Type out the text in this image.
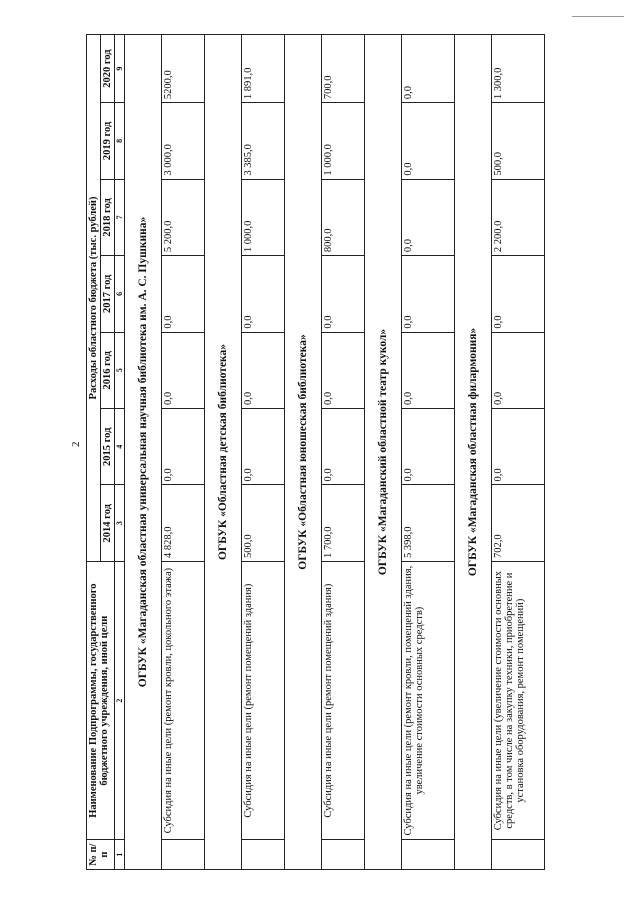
2
№ п/п	Наименование Подпрограммы, государственного бюджетного учреждения, иной цели	Расходы областного бюджета (тыс. рублей)						
		2014 год	2015 год	2016 год	2017 год	2018 год	2019 год	2020 год
1	2	3	4	5	6	7	8	9
ОГБУК «Магаданская областная универсальная научная библиотека им. А. С. Пушкина»								
	Субсидия на иные цели (ремонт кровли, цокольного этажа)	4 828,0	0,0	0,0	0,0	5 200,0	3 000,0	5200,0
ОГБУК «Областная детская библиотека»								
	Субсидия на иные цели (ремонт помещений здания)	500,0	0,0	0,0	0,0	1 000,0	3 385,0	1 891,0
ОГБУК «Областная юношеская библиотека»								
	Субсидия на иные цели (ремонт помещений здания)	1 700,0	0,0	0,0	0,0	800,0	1 000,0	700,0
ОГБУК «Магаданский областной театр кукол»								
	Субсидия на иные цели (ремонт кровли, помещений здания, увеличение стоимости основных средств)	5 398,0	0,0	0,0	0,0	0,0	0,0	0,0
ОГБУК «Магаданская областная филармония»								
	Субсидия на иные цели (увеличение стоимости основных средств, в том числе на закупку техники, приобретение и установка оборудования, ремонт помещений)	702,0	0,0	0,0	0,0	2 200,0	500,0	1 300,0
